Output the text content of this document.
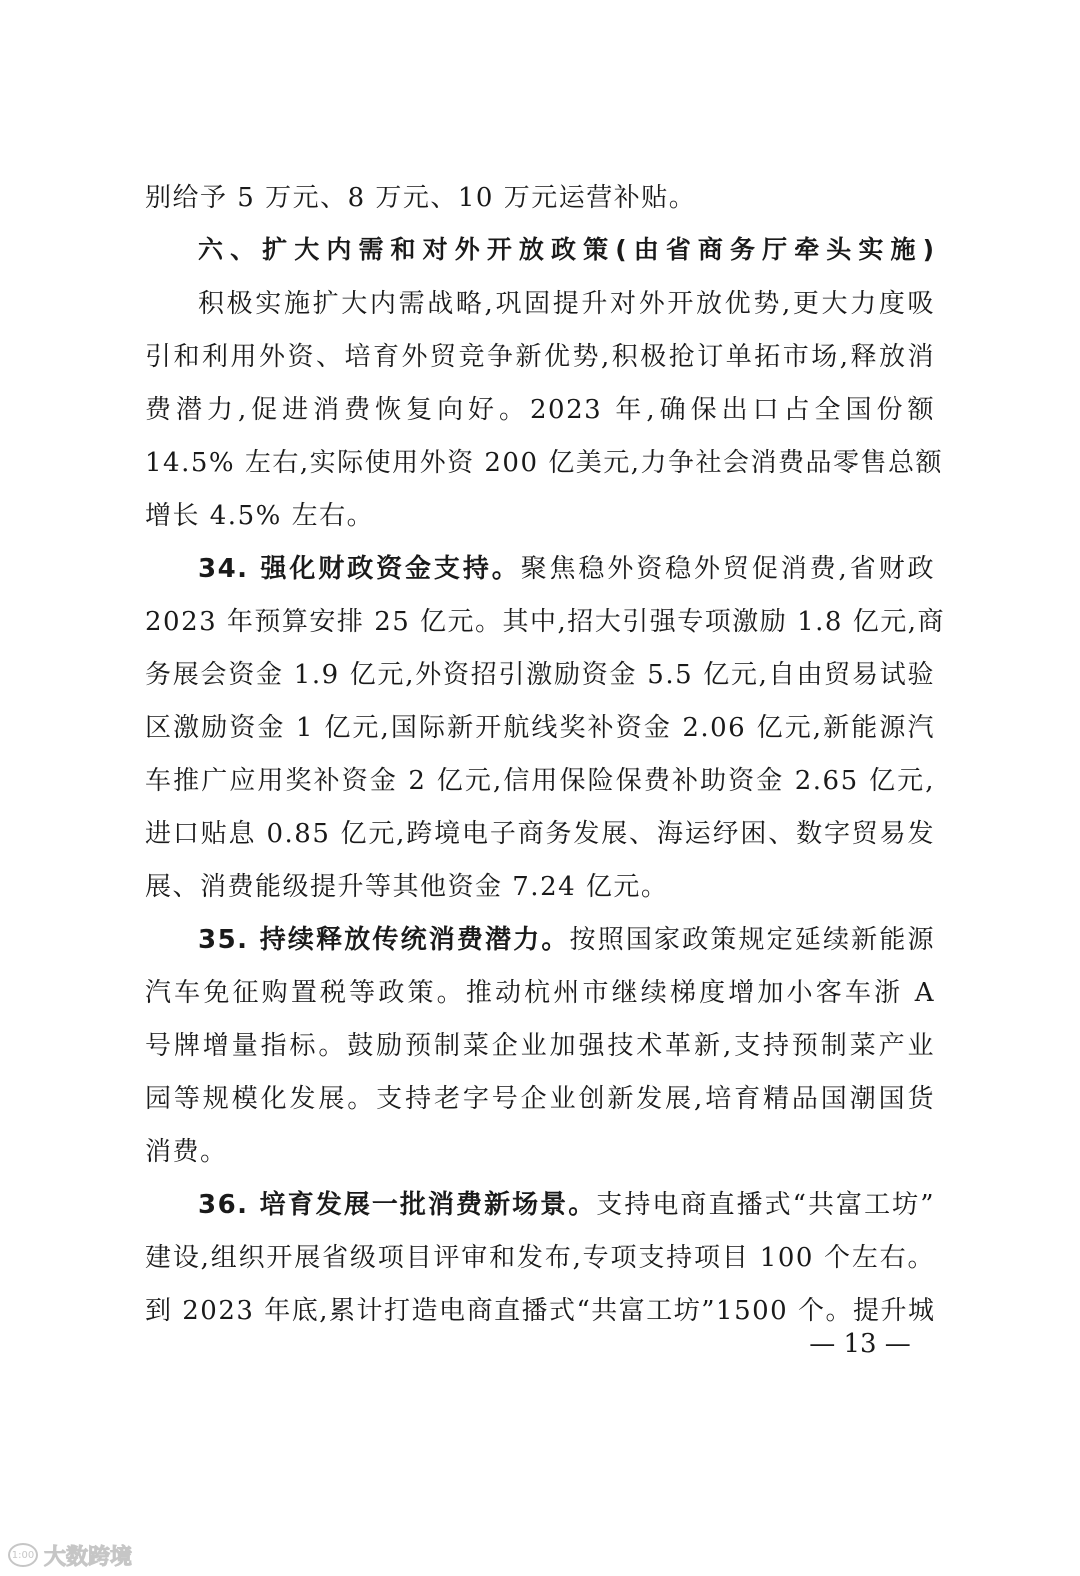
别给予 5 万元、8 万元、10 万元运营补贴。
六、扩大内需和对外开放政策(由省商务厅牵头实施)
积极实施扩大内需战略,巩固提升对外开放优势,更大力度吸
引和利用外资、培育外贸竞争新优势,积极抢订单拓市场,释放消
费潜力,促进消费恢复向好。2023 年,确保出口占全国份额
14.5% 左右,实际使用外资 200 亿美元,力争社会消费品零售总额
增长 4.5% 左右。
34. 强化财政资金支持。聚焦稳外资稳外贸促消费,省财政
2023 年预算安排 25 亿元。其中,招大引强专项激励 1.8 亿元,商
务展会资金 1.9 亿元,外资招引激励资金 5.5 亿元,自由贸易试验
区激励资金 1 亿元,国际新开航线奖补资金 2.06 亿元,新能源汽
车推广应用奖补资金 2 亿元,信用保险保费补助资金 2.65 亿元,
进口贴息 0.85 亿元,跨境电子商务发展、海运纾困、数字贸易发
展、消费能级提升等其他资金 7.24 亿元。
35. 持续释放传统消费潜力。按照国家政策规定延续新能源
汽车免征购置税等政策。推动杭州市继续梯度增加小客车浙 A
号牌增量指标。鼓励预制菜企业加强技术革新,支持预制菜产业
园等规模化发展。支持老字号企业创新发展,培育精品国潮国货
消费。
36. 培育发展一批消费新场景。支持电商直播式“共富工坊”
建设,组织开展省级项目评审和发布,专项支持项目 100 个左右。
到 2023 年底,累计打造电商直播式“共富工坊”1500 个。提升城
— 13 —
1:00 大数跨境
